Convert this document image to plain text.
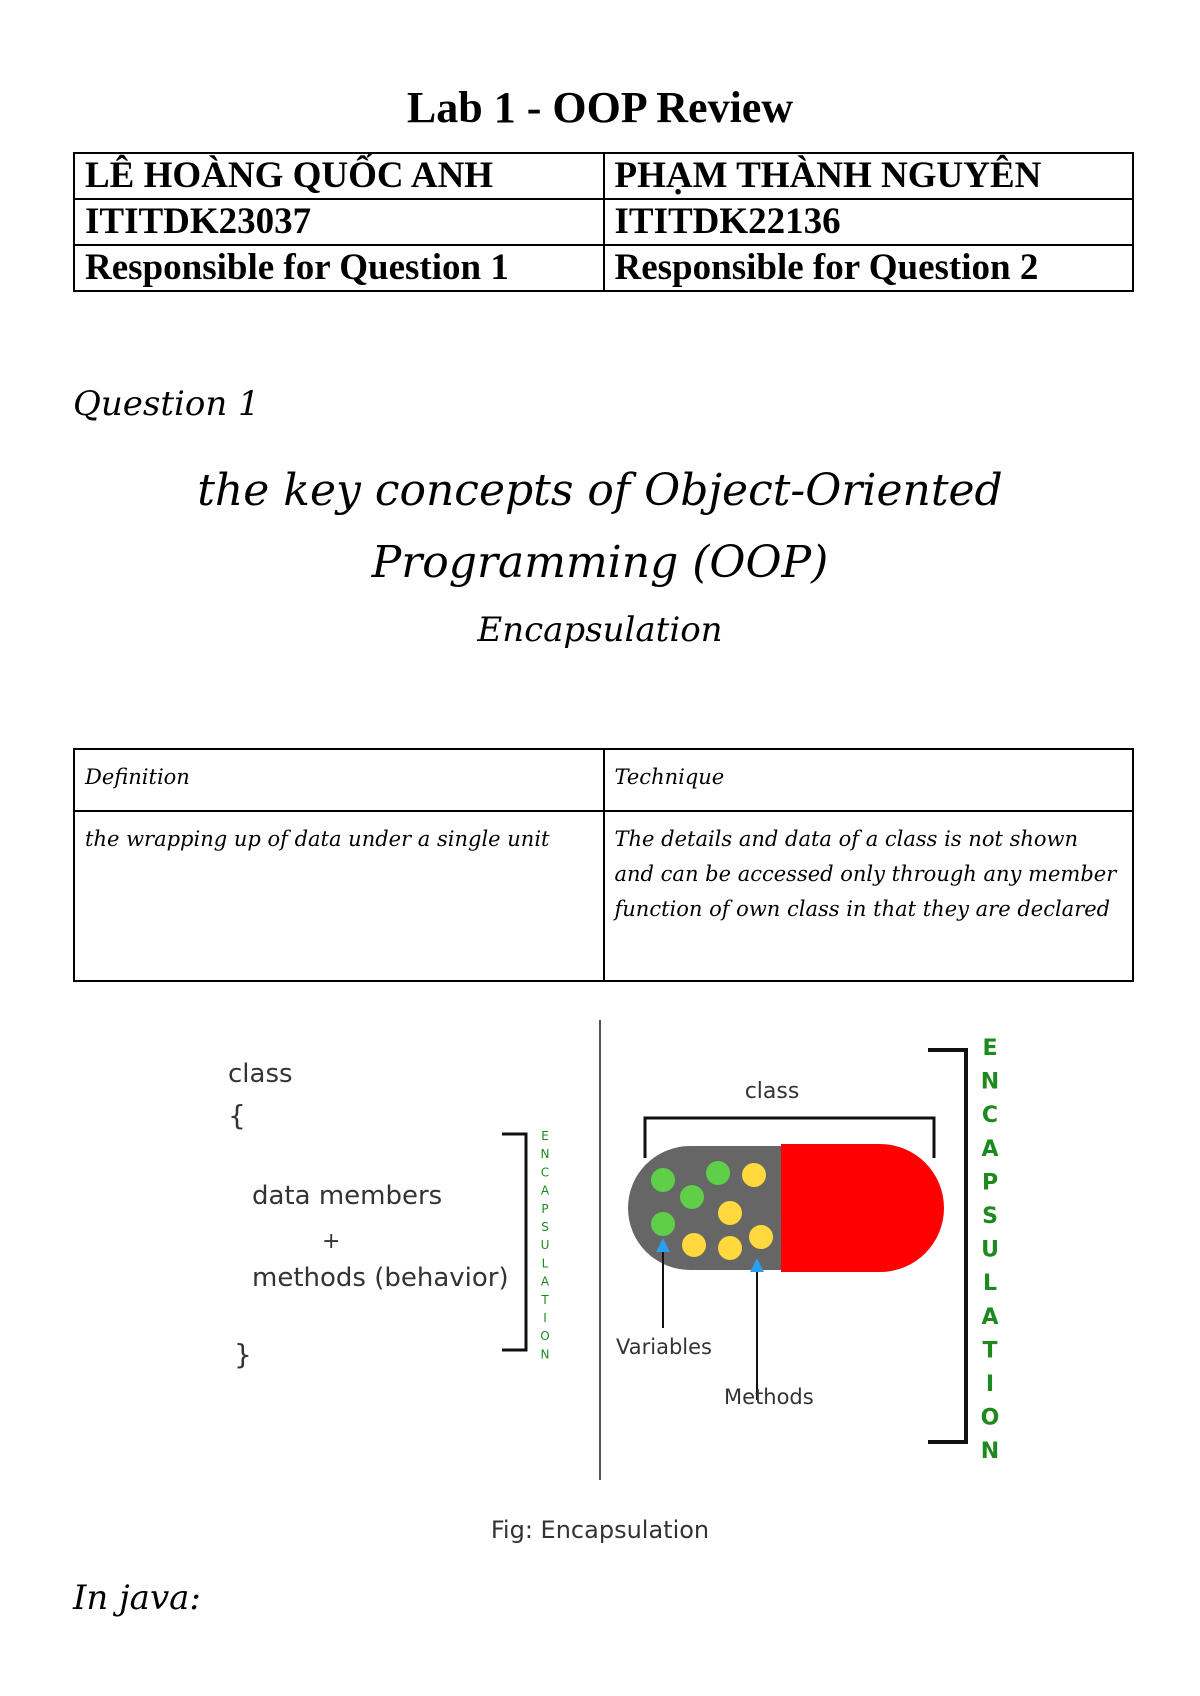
Lab 1 - OOP Review
LÊ HOÀNG QUỐC ANH	PHẠM THÀNH NGUYÊN
ITITDK23037	ITITDK22136
Responsible for Question 1	Responsible for Question 2
Question 1
the key concepts of Object-Oriented
Programming (OOP)
Encapsulation
Definition	Technique
the wrapping up of data under a single unit	The details and data of a class is not shown and can be accessed only through any member function of own class in that they are declared
class
{
data members
+
methods (behavior)
}
E
N
C
A
P
S
U
L
A
T
I
O
N
class
Variables
Methods
E
N
C
A
P
S
U
L
A
T
I
O
N
Fig: Encapsulation
In java:
